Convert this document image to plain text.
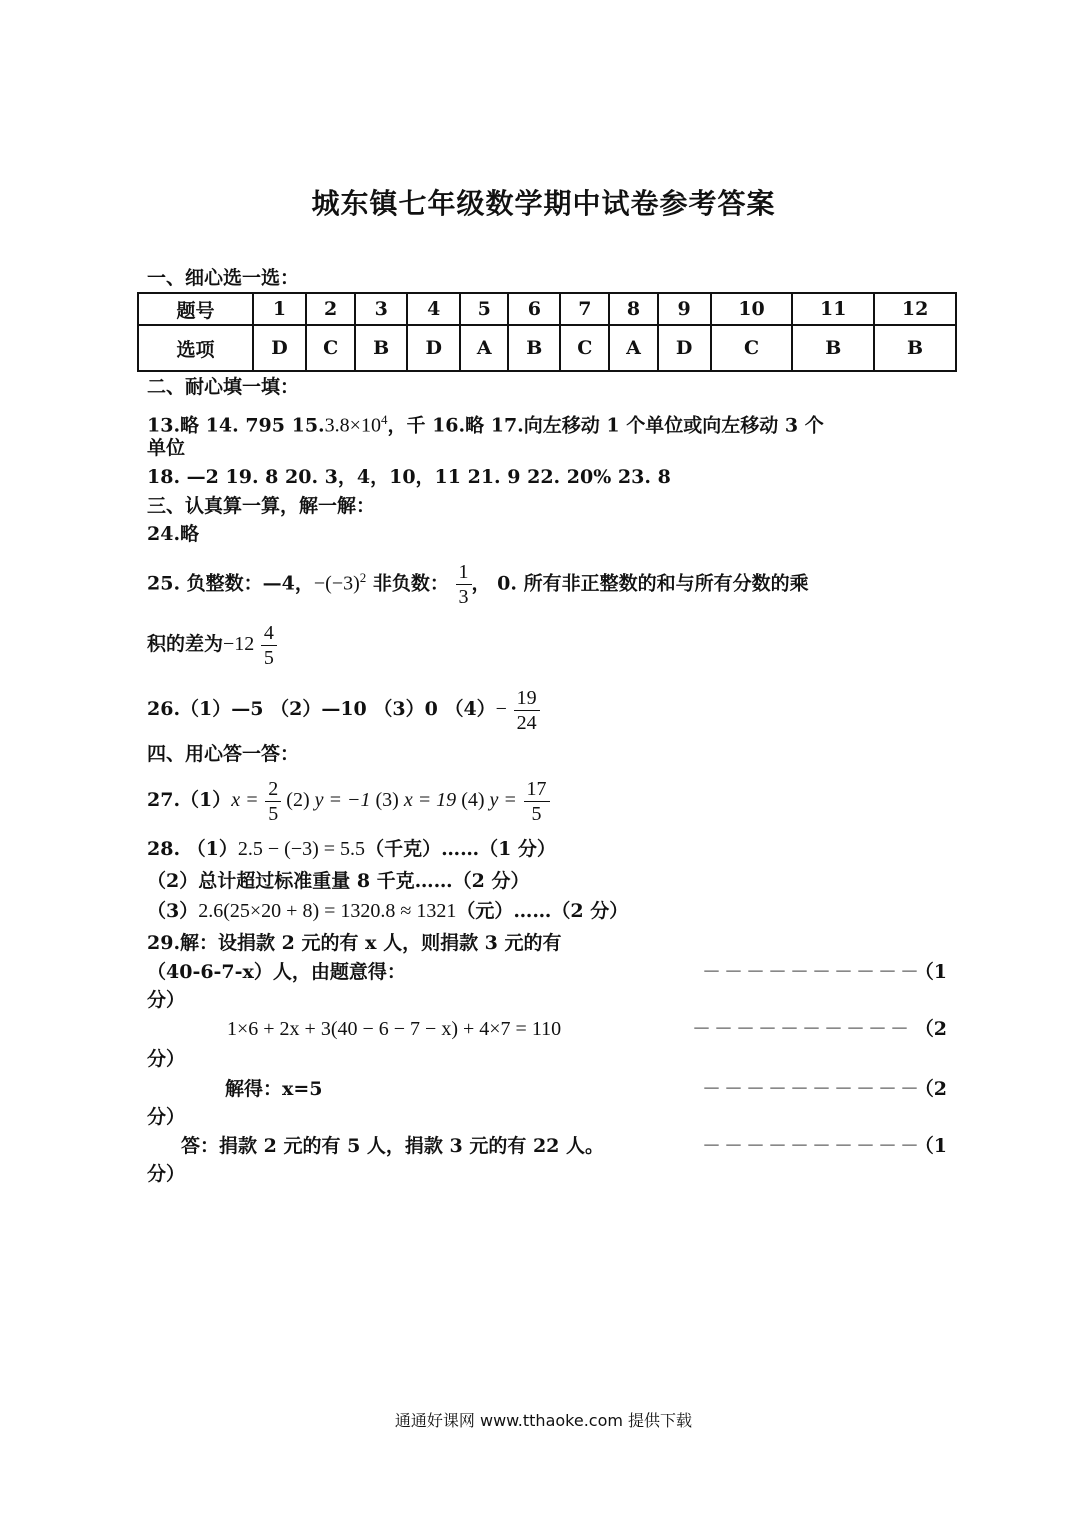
城东镇七年级数学期中试卷参考答案
一、细心选一选：
题号	1	2	3	4	5	6	7	8	9	10	11	12
选项	D	C	B	D	A	B	C	A	D	C	B	B
二、耐心填一填：
13.略 14. 795 $15.3.8\times 10^4$，千 16.略 17.向左移动 1 个单位或向左移动 3 个
单位
18. —2 19. 8 20. 3，4，10，11 21. 9 22. 20% 23. 8
三、认真算一算，解一解：
24.略
25. 负整数：—4，$-(-3)^2$ 非负数： $\frac{1}{3}$ ， 0. 所有非正整数的和与所有分数的乘
积的差为$-12 \frac{4}{5}$
26.（1）—5 （2）—10 （3）0 $(4)- \frac{19}{24}$
四、用心答一答：
$27.(1)x = \frac{2}{5} (2) y = -1$ (3) x = 19 (4) $y = \frac{17}{5}$
28. （1）2.5 − (−3) = 5.5（千克）……（1 分）
（2）总计超过标准重量 8 千克……（2 分）
（3）2.6(25×20 + 8) = 1320.8 ≈ 1321（元）……（2 分）
29.解：设捐款 2 元的有 x 人，则捐款 3 元的有
（40-6-7-x）人，由题意得：	－－－－－－－－－－
（1
分）
1×6 + 2x + 3(40 − 6 − 7 − x) + 4×7 = 110	－－－－－－－－－－ （2
分）
解得：x=5	－－－－－－－－－－
（2
分）
答：捐款 2 元的有 5 人，捐款 3 元的有 22 人。	－－－－－－－－－－
（1
分）
通通好课网 www.tthaoke.com 提供下载
